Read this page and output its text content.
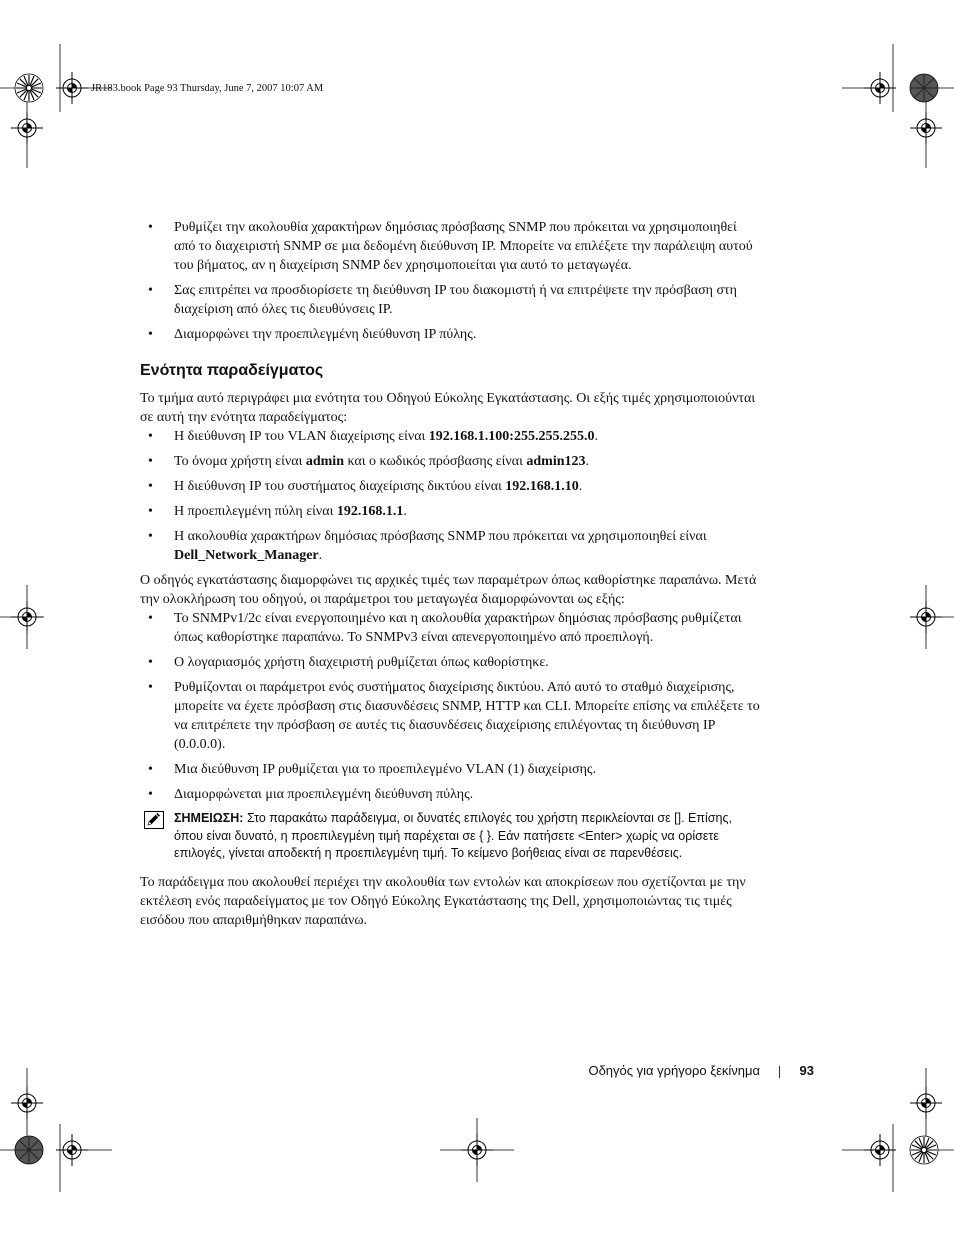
JR183.book Page 93 Thursday, June 7, 2007 10:07 AM
• Ρυθμίζει την ακολουθία χαρακτήρων δημόσιας πρόσβασης SNMP που πρόκειται να χρησιμοποιηθεί από το διαχειριστή SNMP σε μια δεδομένη διεύθυνση IP. Μπορείτε να επιλέξετε την παράλειψη αυτού του βήματος, αν η διαχείριση SNMP δεν χρησιμοποιείται για αυτό το μεταγωγέα.
• Σας επιτρέπει να προσδιορίσετε τη διεύθυνση IP του διακομιστή ή να επιτρέψετε την πρόσβαση στη διαχείριση από όλες τις διευθύνσεις IP.
• Διαμορφώνει την προεπιλεγμένη διεύθυνση IP πύλης.
Ενότητα παραδείγματος

Το τμήμα αυτό περιγράφει μια ενότητα του Οδηγού Εύκολης Εγκατάστασης. Οι εξής τιμές χρησιμοποιούνται σε αυτή την ενότητα παραδείγματος:

• Η διεύθυνση IP του VLAN διαχείρισης είναι 192.168.1.100:255.255.255.0.
• Το όνομα χρήστη είναι admin και ο κωδικός πρόσβασης είναι admin123.
• Η διεύθυνση IP του συστήματος διαχείρισης δικτύου είναι 192.168.1.10.
• Η προεπιλεγμένη πύλη είναι 192.168.1.1.
• Η ακολουθία χαρακτήρων δημόσιας πρόσβασης SNMP που πρόκειται να χρησιμοποιηθεί είναι Dell_Network_Manager.

Ο οδηγός εγκατάστασης διαμορφώνει τις αρχικές τιμές των παραμέτρων όπως καθορίστηκε παραπάνω. Μετά την ολοκλήρωση του οδηγού, οι παράμετροι του μεταγωγέα διαμορφώνονται ως εξής:

• Το SNMPv1/2c είναι ενεργοποιημένο και η ακολουθία χαρακτήρων δημόσιας πρόσβασης ρυθμίζεται όπως καθορίστηκε παραπάνω. Το SNMPv3 είναι απενεργοποιημένο από προεπιλογή.
• Ο λογαριασμός χρήστη διαχειριστή ρυθμίζεται όπως καθορίστηκε.
• Ρυθμίζονται οι παράμετροι ενός συστήματος διαχείρισης δικτύου. Από αυτό το σταθμό διαχείρισης, μπορείτε να έχετε πρόσβαση στις διασυνδέσεις SNMP, HTTP και CLI. Μπορείτε επίσης να επιλέξετε το να επιτρέπετε την πρόσβαση σε αυτές τις διασυνδέσεις διαχείρισης επιλέγοντας τη διεύθυνση IP (0.0.0.0).
• Μια διεύθυνση IP ρυθμίζεται για το προεπιλεγμένο VLAN (1) διαχείρισης.
• Διαμορφώνεται μια προεπιλεγμένη διεύθυνση πύλης.
ΣΗΜΕΙΩΣΗ: Στο παρακάτω παράδειγμα, οι δυνατές επιλογές του χρήστη περικλείονται σε []. Επίσης, όπου είναι δυνατό, η προεπιλεγμένη τιμή παρέχεται σε { }. Εάν πατήσετε <Enter> χωρίς να ορίσετε επιλογές, γίνεται αποδεκτή η προεπιλεγμένη τιμή. Το κείμενο βοήθειας είναι σε παρενθέσεις.

Το παράδειγμα που ακολουθεί περιέχει την ακολουθία των εντολών και αποκρίσεων που σχετίζονται με την εκτέλεση ενός παραδείγματος με τον Οδηγό Εύκολης Εγκατάστασης της Dell, χρησιμοποιώντας τις τιμές εισόδου που απαριθμήθηκαν παραπάνω.

Οδηγός για γρήγορο ξεκίνημα	93
